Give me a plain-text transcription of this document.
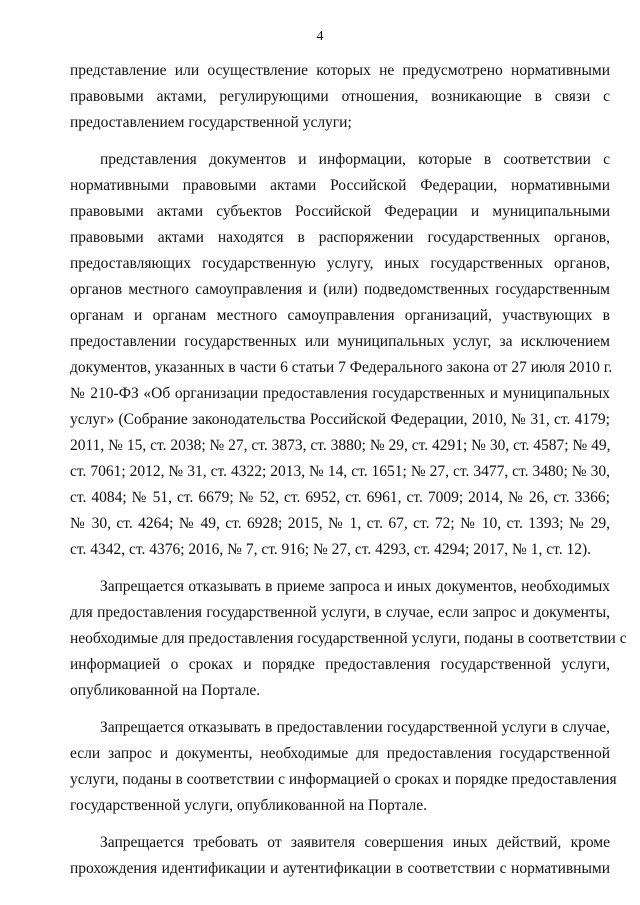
4
представление или осуществление которых не предусмотрено нормативными
правовыми актами, регулирующими отношения, возникающие в связи с
предоставлением государственной услуги;
представления документов и информации, которые в соответствии с
нормативными правовыми актами Российской Федерации, нормативными
правовыми актами субъектов Российской Федерации и муниципальными
правовыми актами находятся в распоряжении государственных органов,
предоставляющих государственную услугу, иных государственных органов,
органов местного самоуправления и (или) подведомственных государственным
органам и органам местного самоуправления организаций, участвующих в
предоставлении государственных или муниципальных услуг, за исключением
документов, указанных в части 6 статьи 7 Федерального закона от 27 июля 2010 г.
№ 210-ФЗ «Об организации предоставления государственных и муниципальных
услуг» (Собрание законодательства Российской Федерации, 2010, № 31, ст. 4179;
2011, № 15, ст. 2038; № 27, ст. 3873, ст. 3880; № 29, ст. 4291; № 30, ст. 4587; № 49,
ст. 7061; 2012, № 31, ст. 4322; 2013, № 14, ст. 1651; № 27, ст. 3477, ст. 3480; № 30,
ст. 4084; № 51, ст. 6679; № 52, ст. 6952, ст. 6961, ст. 7009; 2014, № 26, ст. 3366;
№ 30, ст. 4264; № 49, ст. 6928; 2015, № 1, ст. 67, ст. 72; № 10, ст. 1393; № 29,
ст. 4342, ст. 4376; 2016, № 7, ст. 916; № 27, ст. 4293, ст. 4294; 2017, № 1, ст. 12).
Запрещается отказывать в приеме запроса и иных документов, необходимых
для предоставления государственной услуги, в случае, если запрос и документы,
необходимые для предоставления государственной услуги, поданы в соответствии с
информацией о сроках и порядке предоставления государственной услуги,
опубликованной на Портале.
Запрещается отказывать в предоставлении государственной услуги в случае,
если запрос и документы, необходимые для предоставления государственной
услуги, поданы в соответствии с информацией о сроках и порядке предоставления
государственной услуги, опубликованной на Портале.
Запрещается требовать от заявителя совершения иных действий, кроме
прохождения идентификации и аутентификации в соответствии с нормативными
